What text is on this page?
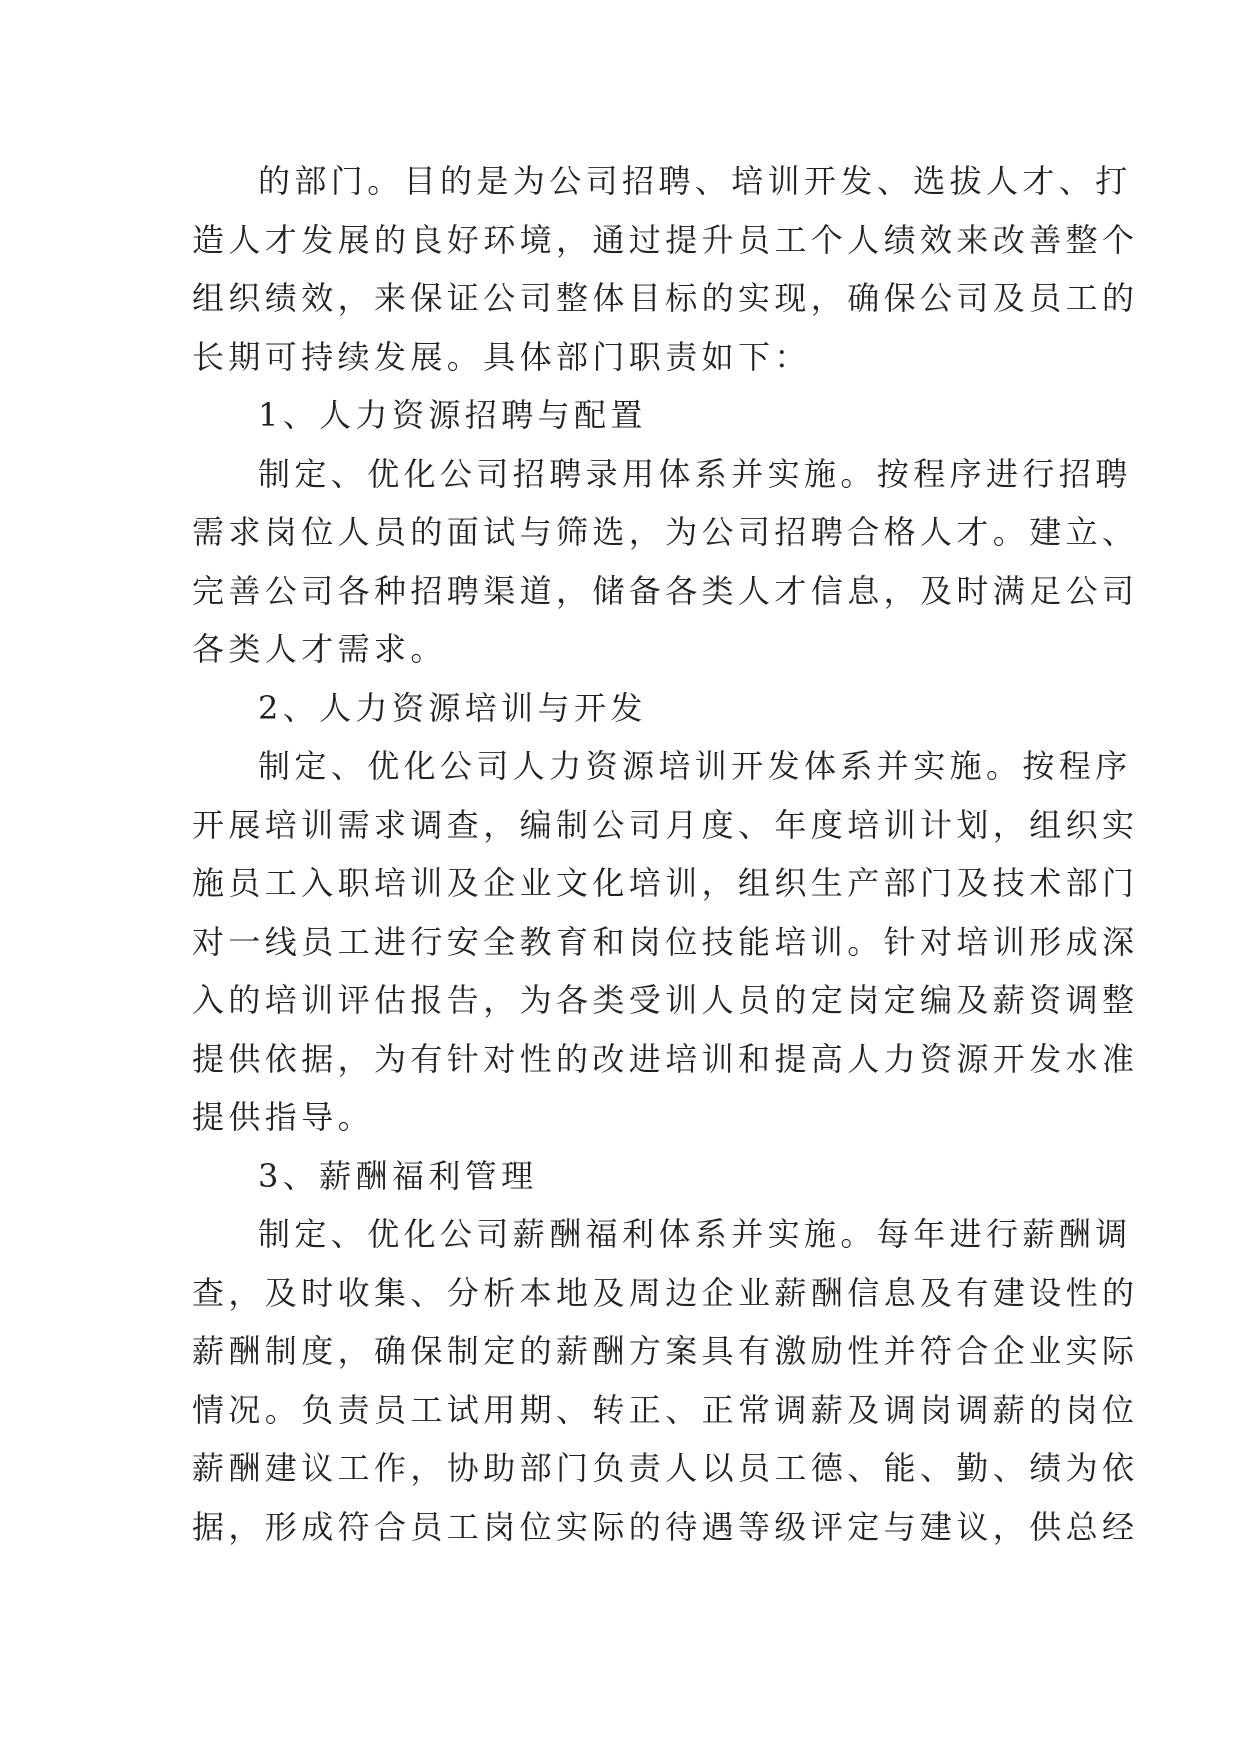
的部门。目的是为公司招聘、培训开发、选拔人才、打
造人才发展的良好环境，通过提升员工个人绩效来改善整个
组织绩效，来保证公司整体目标的实现，确保公司及员工的
长期可持续发展。具体部门职责如下：
1、人力资源招聘与配置
制定、优化公司招聘录用体系并实施。按程序进行招聘
需求岗位人员的面试与筛选，为公司招聘合格人才。建立、
完善公司各种招聘渠道，储备各类人才信息，及时满足公司
各类人才需求。
2、人力资源培训与开发
制定、优化公司人力资源培训开发体系并实施。按程序
开展培训需求调查，编制公司月度、年度培训计划，组织实
施员工入职培训及企业文化培训，组织生产部门及技术部门
对一线员工进行安全教育和岗位技能培训。针对培训形成深
入的培训评估报告，为各类受训人员的定岗定编及薪资调整
提供依据，为有针对性的改进培训和提高人力资源开发水准
提供指导。
3、薪酬福利管理
制定、优化公司薪酬福利体系并实施。每年进行薪酬调
查，及时收集、分析本地及周边企业薪酬信息及有建设性的
薪酬制度，确保制定的薪酬方案具有激励性并符合企业实际
情况。负责员工试用期、转正、正常调薪及调岗调薪的岗位
薪酬建议工作，协助部门负责人以员工德、能、勤、绩为依
据，形成符合员工岗位实际的待遇等级评定与建议，供总经
